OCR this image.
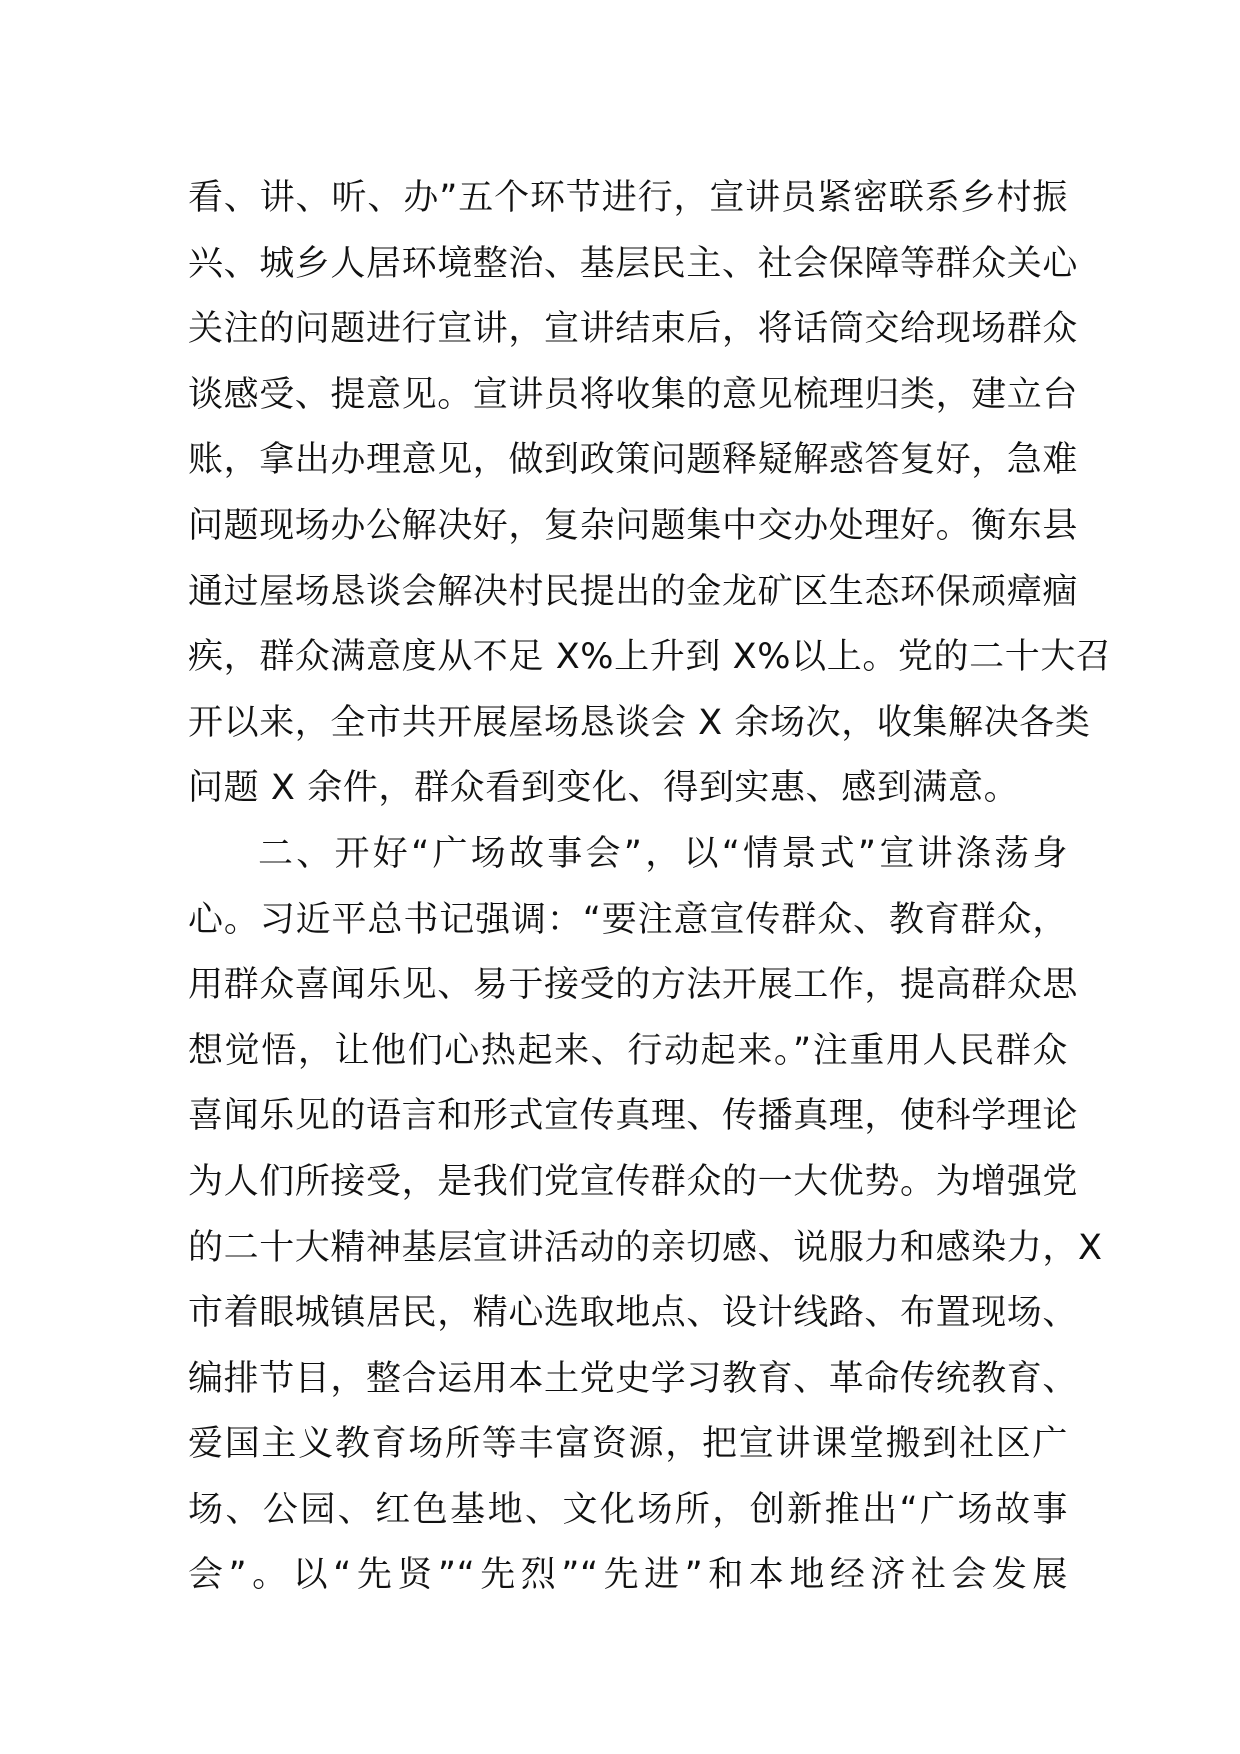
看、讲、听、办”五个环节进行，宣讲员紧密联系乡村振
兴、城乡人居环境整治、基层民主、社会保障等群众关心
关注的问题进行宣讲，宣讲结束后，将话筒交给现场群众
谈感受、提意见。宣讲员将收集的意见梳理归类，建立台
账，拿出办理意见，做到政策问题释疑解惑答复好，急难
问题现场办公解决好，复杂问题集中交办处理好。衡东县
通过屋场恳谈会解决村民提出的金龙矿区生态环保顽瘴痼
疾，群众满意度从不足 X%上升到 X%以上。党的二十大召
开以来，全市共开展屋场恳谈会 X 余场次，收集解决各类
问题 X 余件，群众看到变化、得到实惠、感到满意。
二、开好“广场故事会”，以“情景式”宣讲涤荡身
心。习近平总书记强调：“要注意宣传群众、教育群众，
用群众喜闻乐见、易于接受的方法开展工作，提高群众思
想觉悟，让他们心热起来、行动起来。”注重用人民群众
喜闻乐见的语言和形式宣传真理、传播真理，使科学理论
为人们所接受，是我们党宣传群众的一大优势。为增强党
的二十大精神基层宣讲活动的亲切感、说服力和感染力，X
市着眼城镇居民，精心选取地点、设计线路、布置现场、
编排节目，整合运用本土党史学习教育、革命传统教育、
爱国主义教育场所等丰富资源，把宣讲课堂搬到社区广
场、公园、红色基地、文化场所，创新推出“广场故事
会”。以“先贤”“先烈”“先进”和本地经济社会发展
